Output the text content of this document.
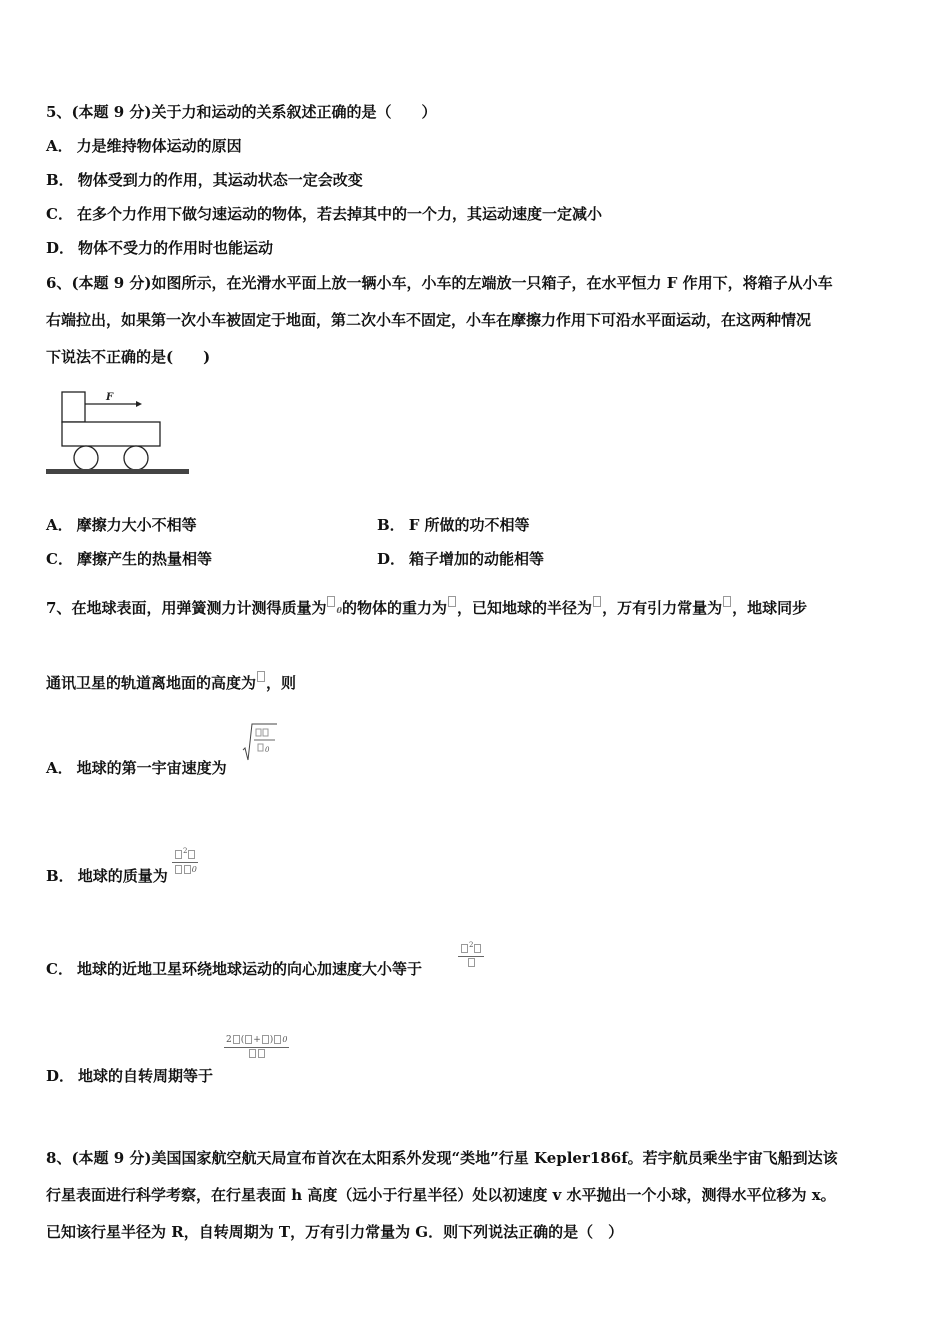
5、(本题 9 分)关于力和运动的关系叙述正确的是（　　）
A． 力是维持物体运动的原因
B． 物体受到力的作用，其运动状态一定会改变
C． 在多个力作用下做匀速运动的物体，若去掉其中的一个力，其运动速度一定减小
D． 物体不受力的作用时也能运动
6、(本题 9 分)如图所示，在光滑水平面上放一辆小车，小车的左端放一只箱子，在水平恒力 F 作用下，将箱子从小车
右端拉出，如果第一次小车被固定于地面，第二次小车不固定，小车在摩擦力作用下可沿水平面运动，在这两种情况
下说法不正确的是(　　)
F
A． 摩擦力大小不相等	B． F 所做的功不相等
C． 摩擦产生的热量相等	D． 箱子增加的动能相等
7、在地球表面，用弹簧测力计测得质量为 0的物体的重力为 ，已知地球的半径为 ，万有引力常量为 ，地球同步
通讯卫星的轨道离地面的高度为 ，则
A． 地球的第一宇宙速度为
0
B． 地球的质量为
$^2$
0
C． 地球的近地卫星环绕地球运动的向心加速度大小等于
$^2$
D． 地球的自转周期等于
2 ( + ) 0
8、(本题 9 分)美国国家航空航天局宣布首次在太阳系外发现“类地”行星 Kepler186f。若宇航员乘坐宇宙飞船到达该
行星表面进行科学考察，在行星表面 h 高度（远小于行星半径）处以初速度 v 水平抛出一个小球，测得水平位移为 x。
已知该行星半径为 R，自转周期为 T，万有引力常量为 G．则下列说法正确的是（　）
